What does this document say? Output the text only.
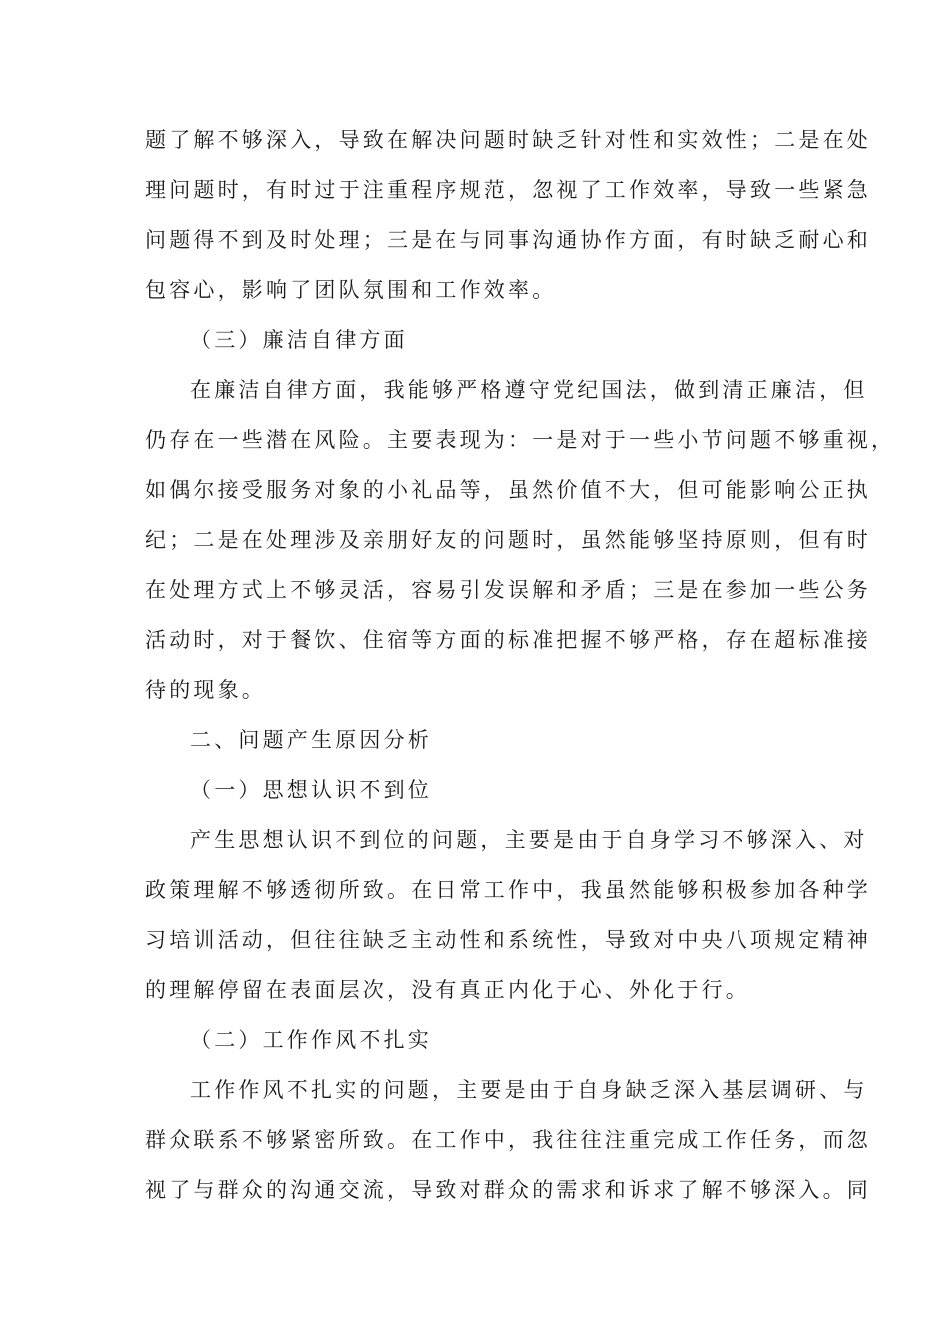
题了解不够深入，导致在解决问题时缺乏针对性和实效性；二是在处

理问题时，有时过于注重程序规范，忽视了工作效率，导致一些紧急

问题得不到及时处理；三是在与同事沟通协作方面，有时缺乏耐心和

包容心，影响了团队氛围和工作效率。

（三）廉洁自律方面

在廉洁自律方面，我能够严格遵守党纪国法，做到清正廉洁，但

仍存在一些潜在风险。主要表现为：一是对于一些小节问题不够重视，

如偶尔接受服务对象的小礼品等，虽然价值不大，但可能影响公正执

纪；二是在处理涉及亲朋好友的问题时，虽然能够坚持原则，但有时

在处理方式上不够灵活，容易引发误解和矛盾；三是在参加一些公务

活动时，对于餐饮、住宿等方面的标准把握不够严格，存在超标准接

待的现象。

二、问题产生原因分析

（一）思想认识不到位

产生思想认识不到位的问题，主要是由于自身学习不够深入、对

政策理解不够透彻所致。在日常工作中，我虽然能够积极参加各种学

习培训活动，但往往缺乏主动性和系统性，导致对中央八项规定精神

的理解停留在表面层次，没有真正内化于心、外化于行。

（二）工作作风不扎实

工作作风不扎实的问题，主要是由于自身缺乏深入基层调研、与

群众联系不够紧密所致。在工作中，我往往注重完成工作任务，而忽

视了与群众的沟通交流，导致对群众的需求和诉求了解不够深入。同
